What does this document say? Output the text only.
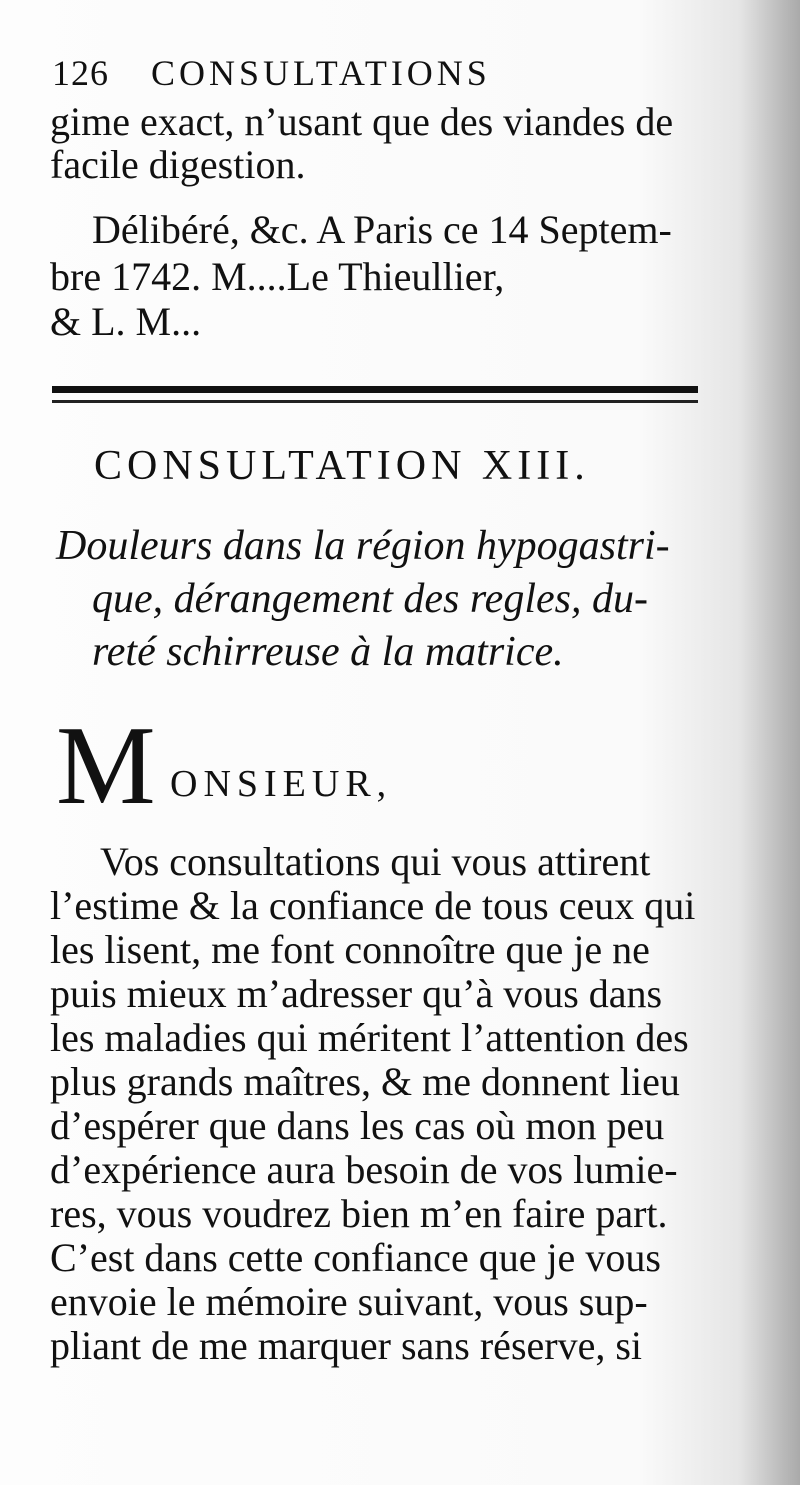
126 CONSULTATIONS
gime exact, n’usant que des viandes de
facile digestion.
Délibéré, &c. A Paris ce 14 Septem-
bre 1742. M....Le Thieullier,
& L. M...
CONSULTATION XIII.
Douleurs dans la région hypogastri-
que, dérangement des regles, du-
reté schirreuse à la matrice.
M ONSIEUR,
Vos consultations qui vous attirent
l’estime & la confiance de tous ceux qui
les lisent, me font connoître que je ne
puis mieux m’adresser qu’à vous dans
les maladies qui méritent l’attention des
plus grands maîtres, & me donnent lieu
d’espérer que dans les cas où mon peu
d’expérience aura besoin de vos lumie-
res, vous voudrez bien m’en faire part.
C’est dans cette confiance que je vous
envoie le mémoire suivant, vous sup-
pliant de me marquer sans réserve, si
